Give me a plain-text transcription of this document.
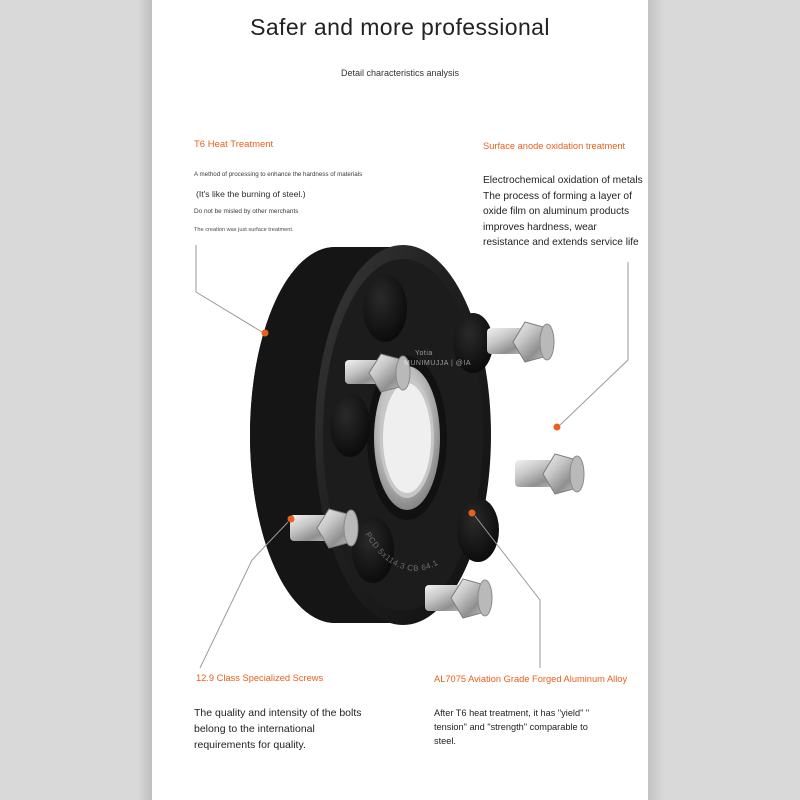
Safer and more professional
Detail characteristics analysis
PCD 5x114.3 CB 64.1
Yotia
MUNIMUJJA | @IA
T6 Heat Treatment
A method of processing to enhance the hardness of materials
(It's like the burning of steel.)
Do not be misled by other merchants
The creation was just surface treatment.
Surface anode oxidation treatment
Electrochemical oxidation of metals The process of forming a layer of oxide film on aluminum products improves hardness, wear resistance and extends service life
12.9 Class Specialized Screws
The quality and intensity of the bolts belong to the international requirements for quality.
AL7075 Aviation Grade Forged Aluminum Alloy
After T6 heat treatment, it has "yield" " tension" and "strength" comparable to steel.
